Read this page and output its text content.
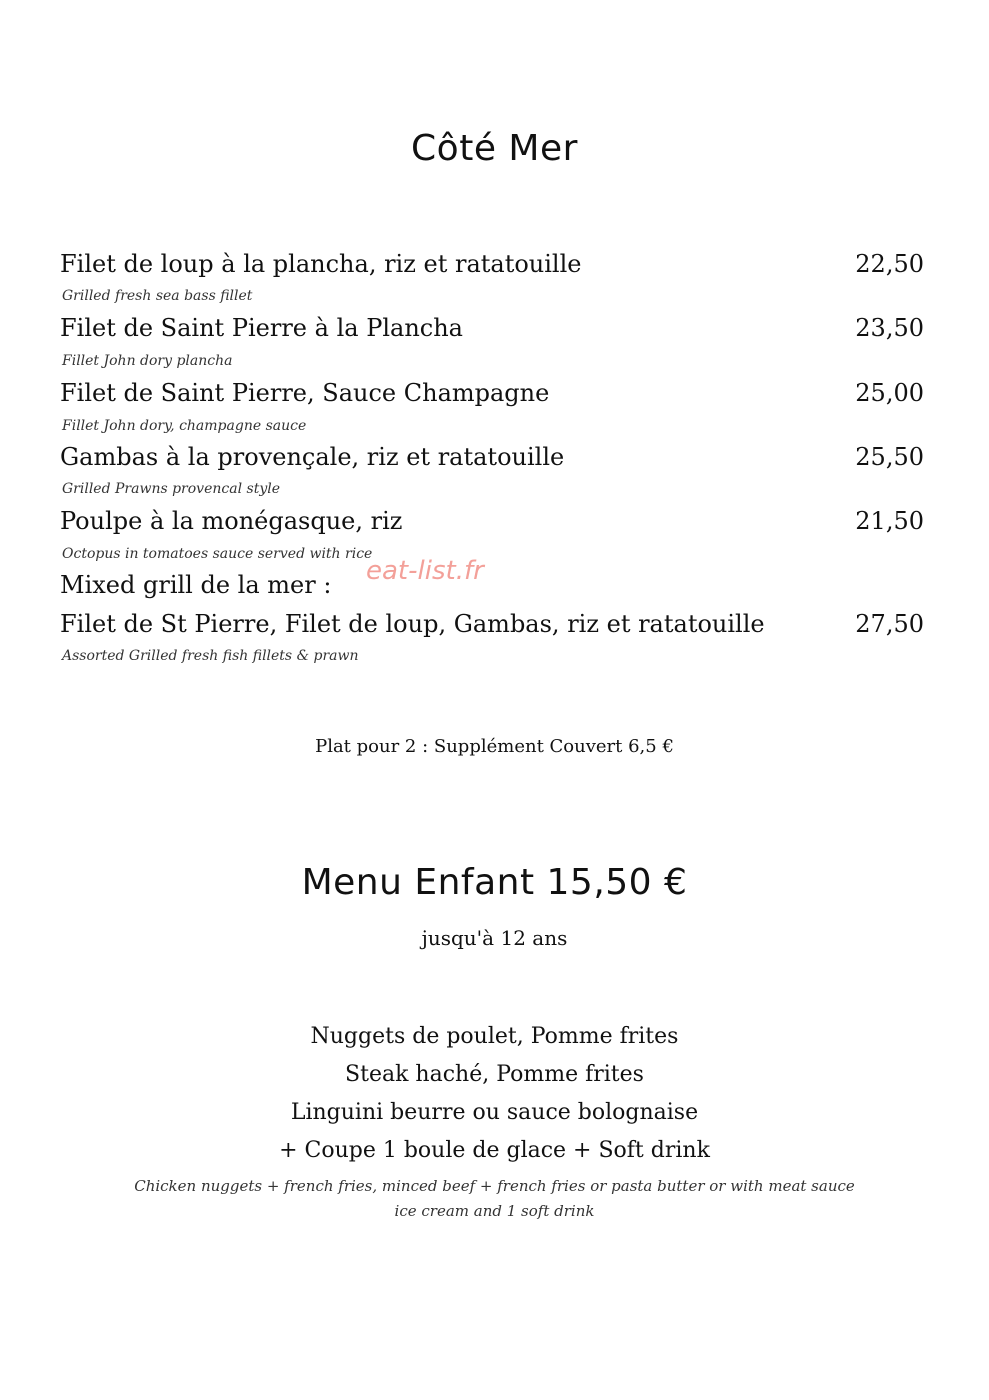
Côté Mer
Filet de loup à la plancha, riz et ratatouille	22,50
Grilled fresh sea bass fillet
Filet de Saint Pierre à la Plancha	23,50
Fillet John dory plancha
Filet de Saint Pierre, Sauce Champagne	25,00
Fillet John dory, champagne sauce
Gambas à la provençale, riz et ratatouille	25,50
Grilled Prawns provencal style
Poulpe à la monégasque, riz	21,50
Octopus in tomatoes sauce served with rice
eat-list.fr
Mixed grill de la mer :
Filet de St Pierre, Filet de loup, Gambas, riz et ratatouille	27,50
Assorted Grilled fresh fish fillets & prawn
Plat pour 2 : Supplément Couvert 6,5 €
Menu Enfant 15,50 €
jusqu'à 12 ans
Nuggets de poulet, Pomme frites
Steak haché, Pomme frites
Linguini beurre ou sauce bolognaise
+ Coupe 1 boule de glace + Soft drink
Chicken nuggets + french fries, minced beef + french fries or pasta butter or with meat sauce
ice cream and 1 soft drink
